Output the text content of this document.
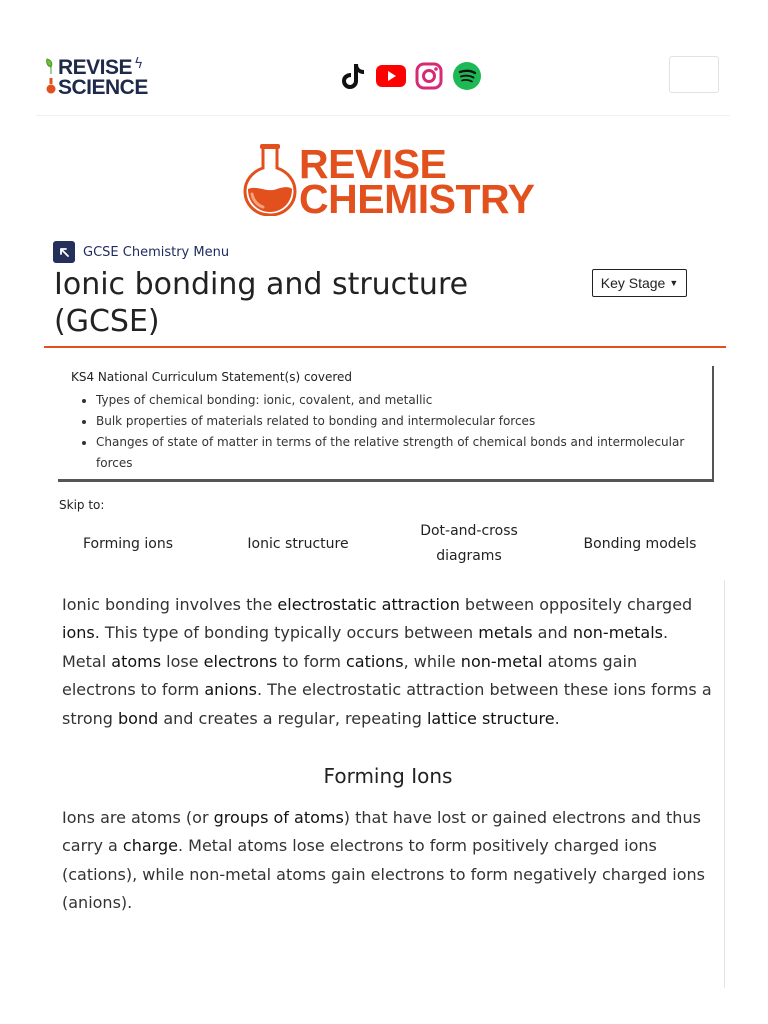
REVISE ϟ
SCIENCE
REVISE
CHEMISTRY
GCSE Chemistry Menu
Ionic bonding and structure (GCSE)
Key Stage ▼
KS4 National Curriculum Statement(s) covered
• Types of chemical bonding: ionic, covalent, and metallic
• Bulk properties of materials related to bonding and intermolecular forces
• Changes of state of matter in terms of the relative strength of chemical bonds and intermolecular forces
Skip to:
Forming ions	Ionic structure
Dot-and-cross diagrams
Bonding models

Ionic bonding involves the electrostatic attraction between oppositely charged ions. This type of bonding typically occurs between metals and non-metals. Metal atoms lose electrons to form cations, while non-metal atoms gain electrons to form anions. The electrostatic attraction between these ions forms a strong bond and creates a regular, repeating lattice structure.

Forming Ions

Ions are atoms (or groups of atoms) that have lost or gained electrons and thus carry a charge. Metal atoms lose electrons to form positively charged ions (cations), while non-metal atoms gain electrons to form negatively charged ions (anions).
